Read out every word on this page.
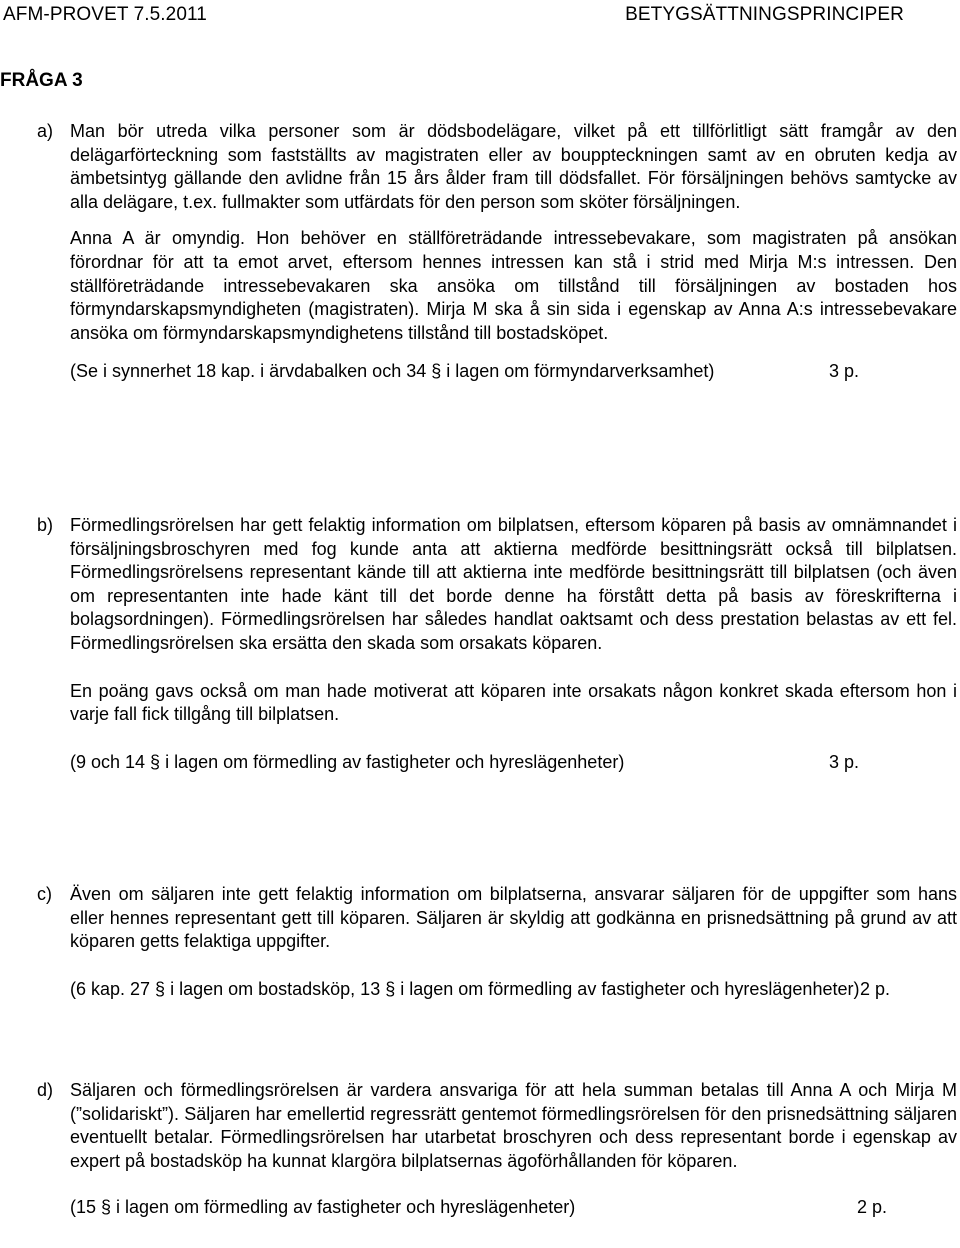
AFM-PROVET 7.5.2011	BETYGSÄTTNINGSPRINCIPER
FRÅGA 3
a) Man bör utreda vilka personer som är dödsbodelägare, vilket på ett tillförlitligt sätt framgår av den delägarförteckning som fastställts av magistraten eller av bouppteckningen samt av en obruten kedja av ämbetsintyg gällande den avlidne från 15 års ålder fram till dödsfallet. För försäljningen behövs samtycke av alla delägare, t.ex. fullmakter som utfärdats för den person som sköter försäljningen.

Anna A är omyndig. Hon behöver en ställföreträdande intressebevakare, som magistraten på ansökan förordnar för att ta emot arvet, eftersom hennes intressen kan stå i strid med Mirja M:s intressen. Den ställföreträdande intressebevakaren ska ansöka om tillstånd till försäljningen av bostaden hos förmyndarskapsmyndigheten (magistraten). Mirja M ska å sin sida i egenskap av Anna A:s intressebevakare ansöka om förmyndarskapsmyndighetens tillstånd till bostadsköpet.

(Se i synnerhet 18 kap. i ärvdabalken och 34 § i lagen om förmyndarverksamhet)	3 p.
b) Förmedlingsrörelsen har gett felaktig information om bilplatsen, eftersom köparen på basis av omnämnandet i försäljningsbroschyren med fog kunde anta att aktierna medförde besittningsrätt också till bilplatsen. Förmedlingsrörelsens representant kände till att aktierna inte medförde besittningsrätt till bilplatsen (och även om representanten inte hade känt till det borde denne ha förstått detta på basis av föreskrifterna i bolagsordningen). Förmedlingsrörelsen har således handlat oaktsamt och dess prestation belastas av ett fel. Förmedlingsrörelsen ska ersätta den skada som orsakats köparen.

En poäng gavs också om man hade motiverat att köparen inte orsakats någon konkret skada eftersom hon i varje fall fick tillgång till bilplatsen.

(9 och 14 § i lagen om förmedling av fastigheter och hyreslägenheter)	3 p.
c) Även om säljaren inte gett felaktig information om bilplatserna, ansvarar säljaren för de uppgifter som hans eller hennes representant gett till köparen. Säljaren är skyldig att godkänna en prisnedsättning på grund av att köparen getts felaktiga uppgifter.

(6 kap. 27 § i lagen om bostadsköp, 13 § i lagen om förmedling av fastigheter och hyreslägenheter) 2 p.

d) Säljaren och förmedlingsrörelsen är vardera ansvariga för att hela summan betalas till Anna A och Mirja M (”solidariskt”). Säljaren har emellertid regressrätt gentemot förmedlingsrörelsen för den prisnedsättning säljaren eventuellt betalar. Förmedlingsrörelsen har utarbetat broschyren och dess representant borde i egenskap av expert på bostadsköp ha kunnat klargöra bilplatsernas ägoförhållanden för köparen.

(15 § i lagen om förmedling av fastigheter och hyreslägenheter)	2 p.
